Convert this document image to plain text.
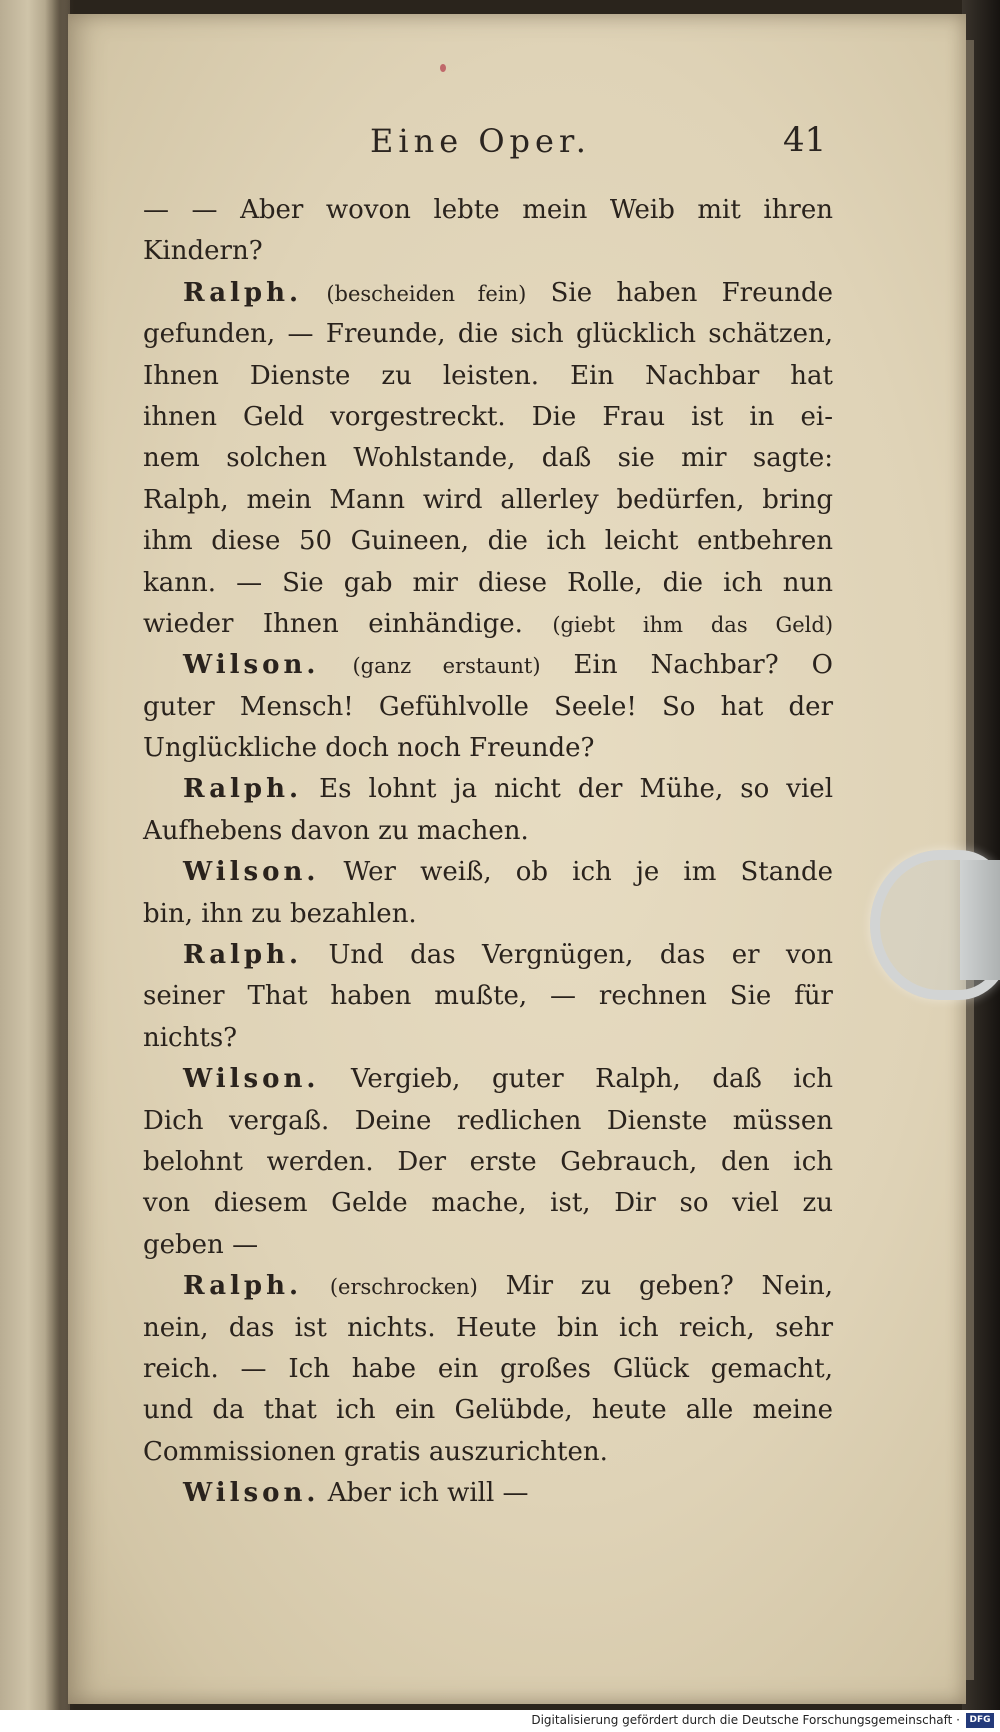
Eine Oper.	41
— — Aber wovon lebte mein Weib mit ihren
Kindern?
Ralph. (bescheiden fein) Sie haben Freunde
gefunden, — Freunde, die sich glücklich schätzen,
Ihnen Dienste zu leisten. Ein Nachbar hat
ihnen Geld vorgestreckt. Die Frau ist in ei-
nem solchen Wohlstande, daß sie mir sagte:
Ralph, mein Mann wird allerley bedürfen, bring
ihm diese 50 Guineen, die ich leicht entbehren
kann. — Sie gab mir diese Rolle, die ich nun
wieder Ihnen einhändige. (giebt ihm das Geld)
Wilson. (ganz erstaunt) Ein Nachbar? O
guter Mensch! Gefühlvolle Seele! So hat der
Unglückliche doch noch Freunde?
Ralph. Es lohnt ja nicht der Mühe, so viel
Aufhebens davon zu machen.
Wilson. Wer weiß, ob ich je im Stande
bin, ihn zu bezahlen.
Ralph. Und das Vergnügen, das er von
seiner That haben mußte, — rechnen Sie für
nichts?
Wilson. Vergieb, guter Ralph, daß ich
Dich vergaß. Deine redlichen Dienste müssen
belohnt werden. Der erste Gebrauch, den ich
von diesem Gelde mache, ist, Dir so viel zu
geben —
Ralph. (erschrocken) Mir zu geben? Nein,
nein, das ist nichts. Heute bin ich reich, sehr
reich. — Ich habe ein großes Glück gemacht,
und da that ich ein Gelübde, heute alle meine
Commissionen gratis auszurichten.
Wilson. Aber ich will —
Digitalisierung gefördert durch die Deutsche Forschungsgemeinschaft ·	DFG
